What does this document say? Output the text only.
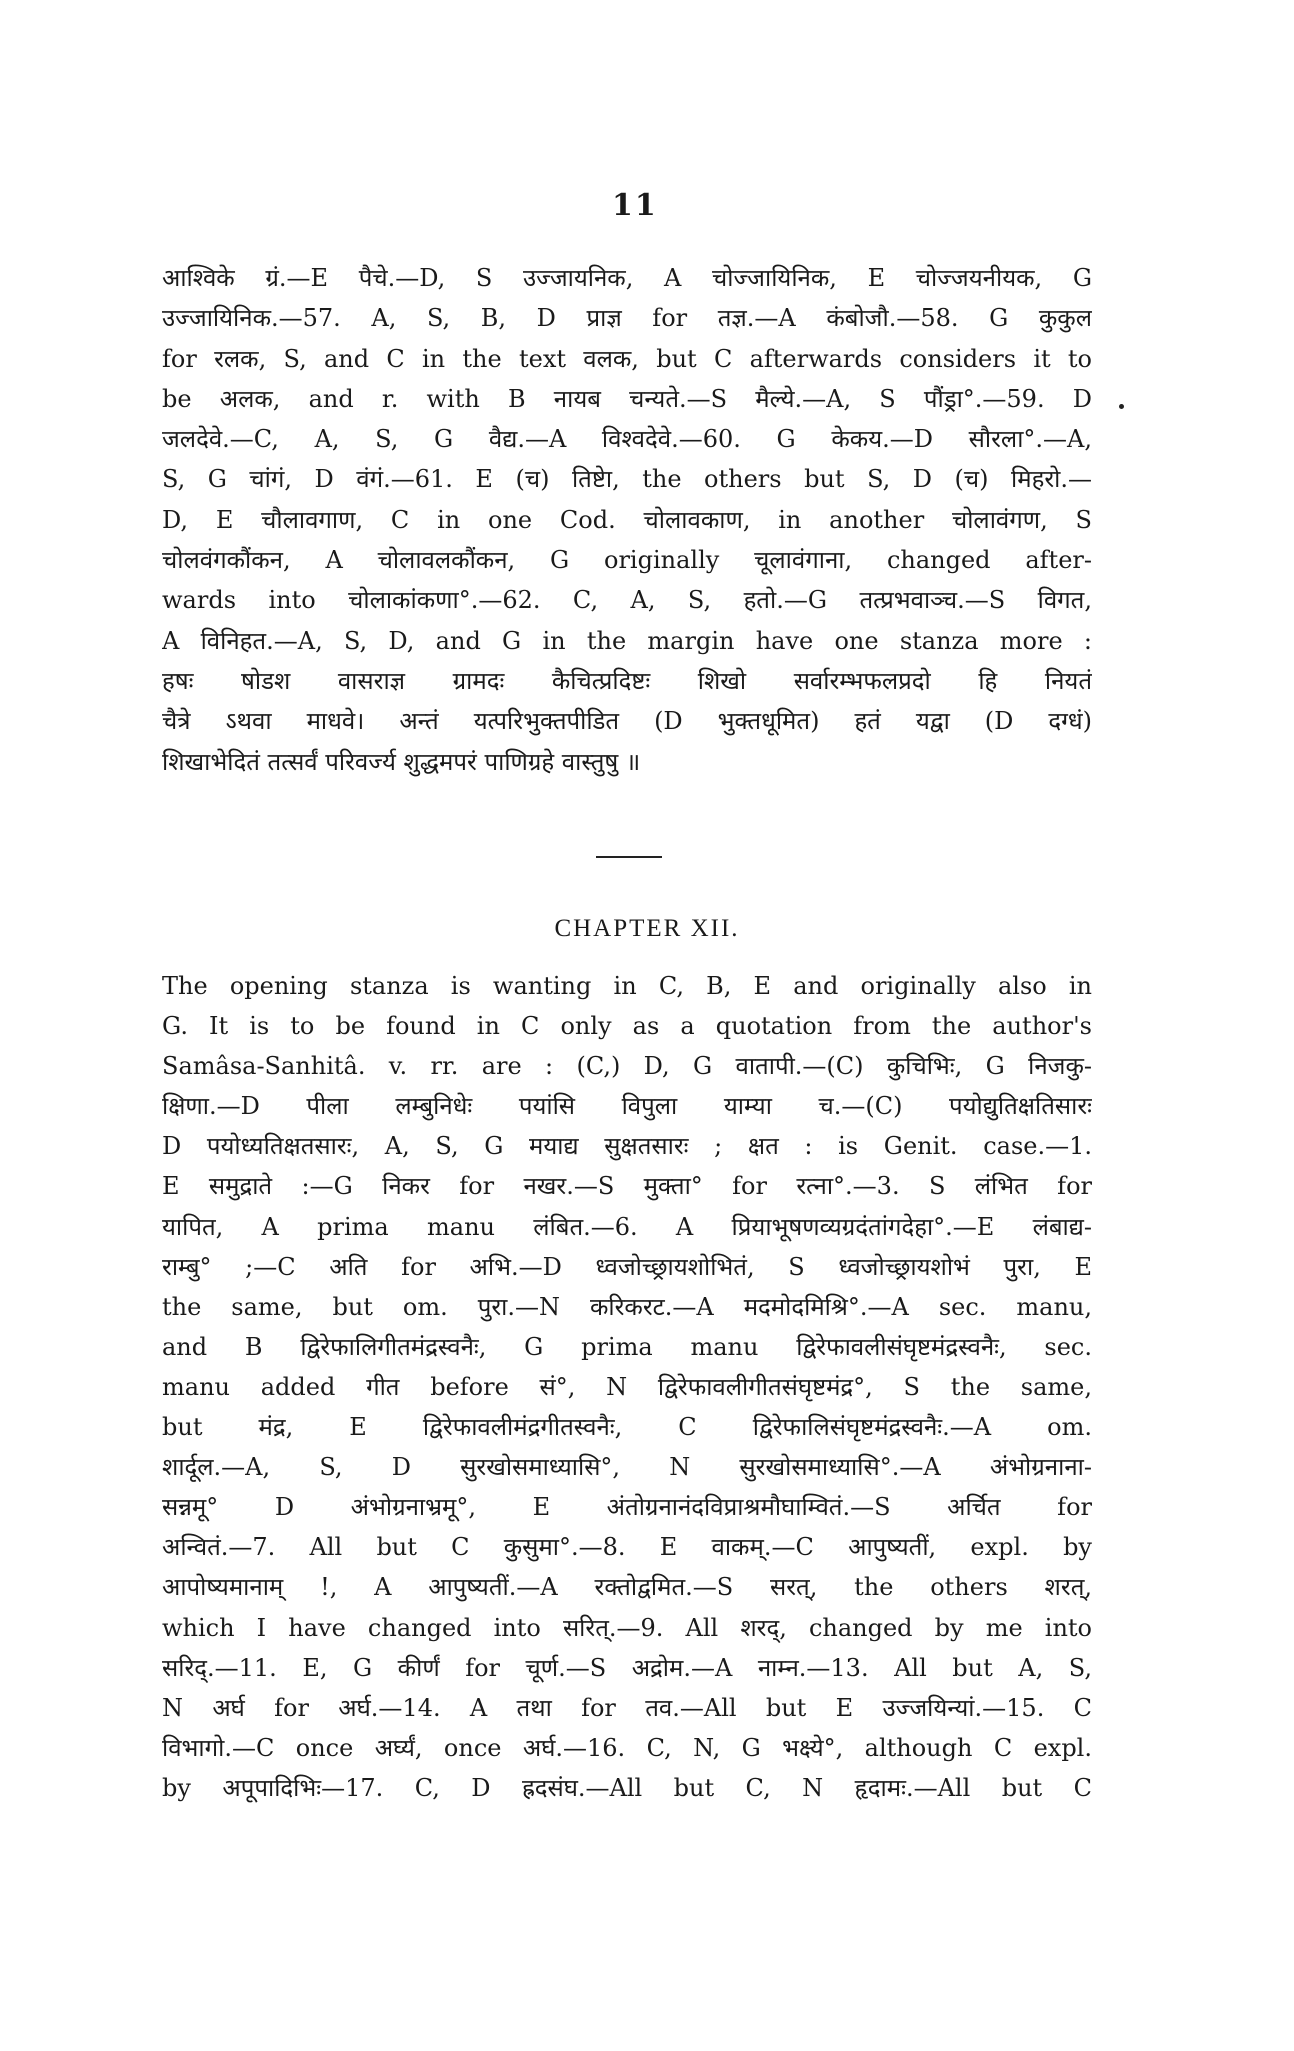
11
आश्विके ग्रं.—E पैचे.—D, S उज्जायनिक, A चोज्जायिनिक, E चोज्जयनीयक, G
उज्जायिनिक.—57. A, S, B, D प्राज्ञ for तज्ञ.—A कंबोजौ.—58. G कुकुल
for रलक, S, and C in the text वलक, but C afterwards considers it to
be अलक, and r. with B नायब चन्यते.—S मैल्ये.—A, S पौंड्रा°.—59. D
जलदेवे.—C, A, S, G वैद्य.—A विश्वदेवे.—60. G केकय.—D सौरला°.—A,
S, G चांगं, D वंगं.—61. E (च) तिष्टेा, the others but S, D (च) मिहरो.—
D, E चौलावगाण, C in one Cod. चोलावकाण, in another चोलावंगण, S
चोलवंगकौंकन, A चोलावलकौंकन, G originally चूलावंगाना, changed after-
wards into चोलाकांकणा°.—62. C, A, S, हतो.—G तत्प्रभवाञ्च.—S विगत,
A विनिहत.—A, S, D, and G in the margin have one stanza more :
हषः षोडश वासराज्ञ ग्रामदः कैचित्प्रदिष्टः शिखो सर्वारम्भफलप्रदो हि नियतं
चैत्रे ऽथवा माधवे। अन्तं यत्परिभुक्तपीडित (D भुक्तधूमित) हतं यद्वा (D दग्धं)
शिखाभेदितं तत्सर्वं परिवर्ज्य शुद्धमपरं पाणिग्रहे वास्तुषु ॥
CHAPTER XII.
The opening stanza is wanting in C, B, E and originally also in
G. It is to be found in C only as a quotation from the author's
Samâsa-Sanhitâ. v. rr. are : (C,) D, G वातापी.—(C) कुचिभिः, G निजकु-
क्षिणा.—D पीला लम्बुनिधेः पयांसि विपुला याम्या च.—(C) पयोद्युतिक्षतिसारः
D पयोध्यतिक्षतसारः, A, S, G मयाद्य सुक्षतसारः ; क्षत : is Genit. case.—1.
E समुद्राते :—G निकर for नखर.—S मुक्ता° for रत्ना°.—3. S लंभित for
यापित, A prima manu लंबित.—6. A प्रियाभूषणव्यग्रदंतांगदेहा°.—E लंबाद्य-
राम्बु° ;—C अति for अभि.—D ध्वजोच्छ्रायशोभितं, S ध्वजोच्छ्रायशोभं पुरा, E
the same, but om. पुरा.—N करिकरट.—A मदमोदमिश्रि°.—A sec. manu,
and B द्विरेफालिगीतमंद्रस्वनैः, G prima manu द्विरेफावलीसंघृष्टमंद्रस्वनैः, sec.
manu added गीत before सं°, N द्विरेफावलीगीतसंघृष्टमंद्र°, S the same,
but मंद्र, E द्विरेफावलीमंद्रगीतस्वनैः, C द्विरेफालिसंघृष्टमंद्रस्वनैः.—A om.
शार्दूल.—A, S, D सुरखोसमाध्यासि°, N सुरखोसमाध्यासि°.—A अंभोग्रनाना-
सन्नमू° D अंभोग्रनाभ्रमू°, E अंतोग्रनानंदविप्राश्रमौघाम्वितं.—S अर्चित for
अन्वितं.—7. All but C कुसुमा°.—8. E वाकम्.—C आपुष्यतीं, expl. by
आपोष्यमानाम् !, A आपुष्यतीं.—A रक्तोद्वमित.—S सरत्, the others शरत्,
which I have changed into सरित्.—9. All शरद्, changed by me into
सरिद्.—11. E, G कीर्णं for चूर्ण.—S अद्रोम.—A नाम्न.—13. All but A, S,
N अर्घ for अर्घ.—14. A तथा for तव.—All but E उज्जयिन्यां.—15. C
विभागो.—C once अर्घ्यं, once अर्घ.—16. C, N, G भक्ष्ये°, although C expl.
by अपूपादिभिः—17. C, D ह्रदसंघ.—All but C, N हृदामः.—All but C
